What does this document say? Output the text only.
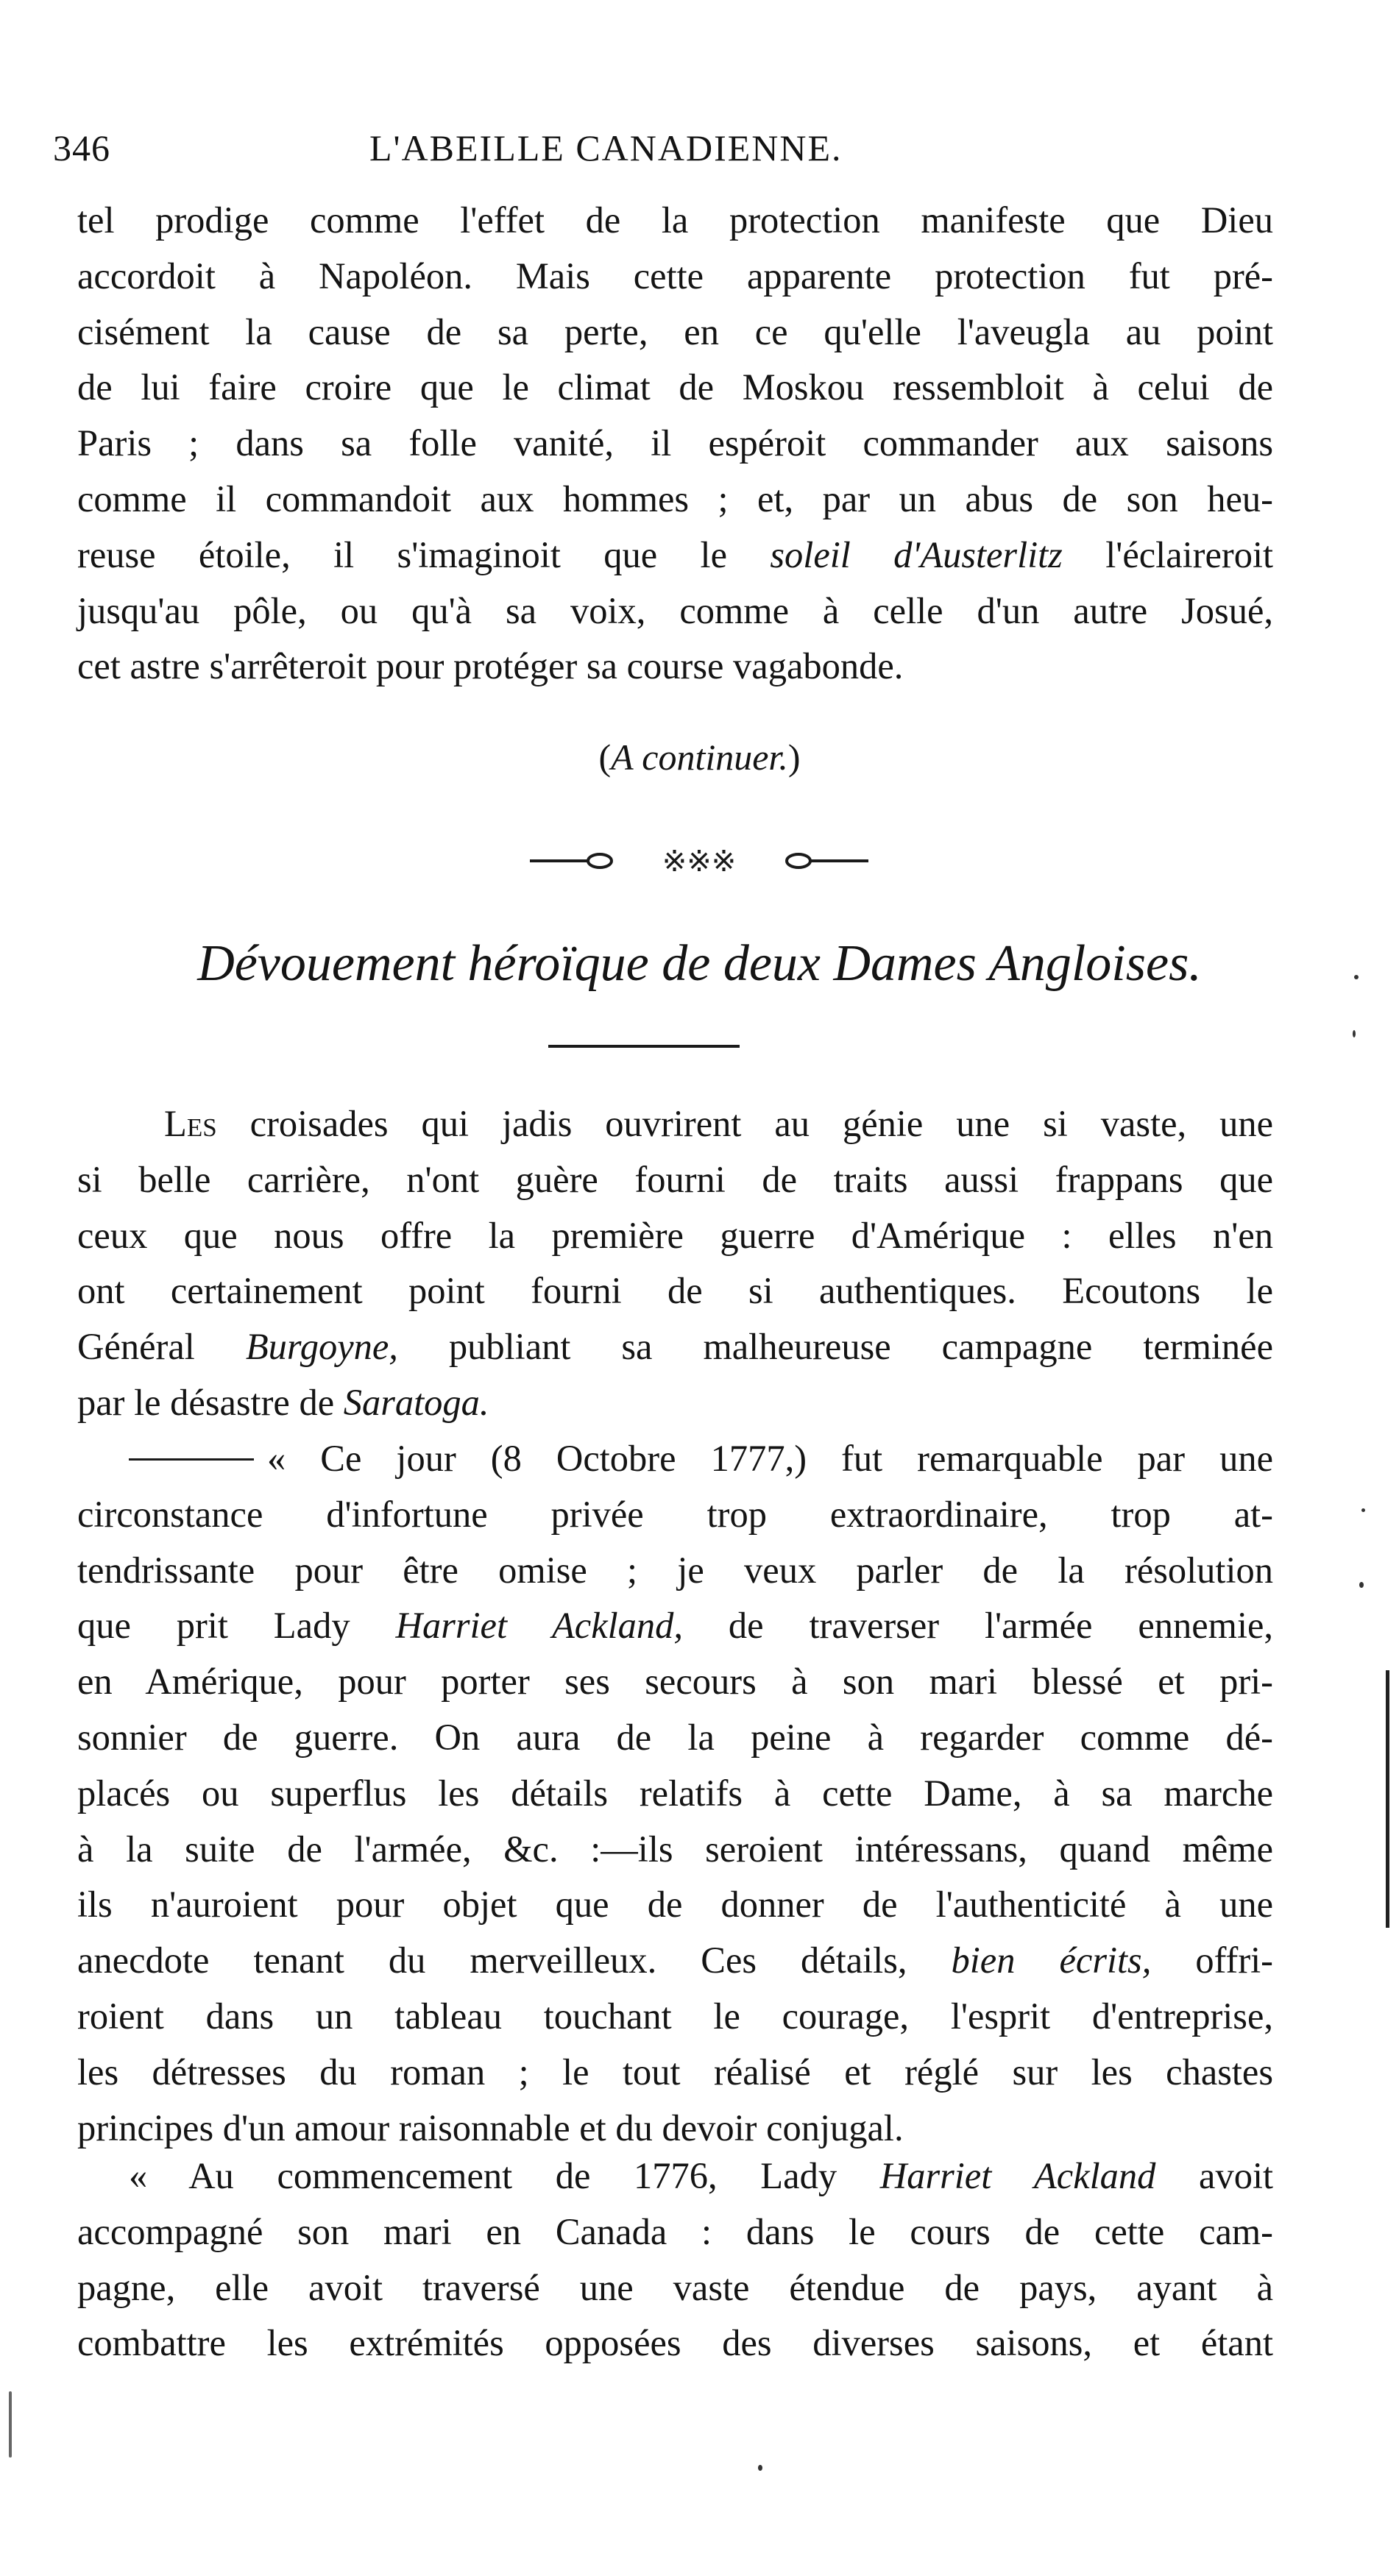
346	L'ABEILLE CANADIENNE.
tel prodige comme l'effet de la protection manifeste que Dieu
accordoit à Napoléon. Mais cette apparente protection fut pré-
cisément la cause de sa perte, en ce qu'elle l'aveugla au point
de lui faire croire que le climat de Moskou ressembloit à celui de
Paris ; dans sa folle vanité, il espéroit commander aux saisons
comme il commandoit aux hommes ; et, par un abus de son heu-
reuse étoile, il s'imaginoit que le soleil d'Austerlitz l'éclaireroit
jusqu'au pôle, ou qu'à sa voix, comme à celle d'un autre Josué,
cet astre s'arrêteroit pour protéger sa course vagabonde.
(A continuer.)
※※※
Dévouement héroïque de deux Dames Angloises.
Les croisades qui jadis ouvrirent au génie une si vaste, une
si belle carrière, n'ont guère fourni de traits aussi frappans que
ceux que nous offre la première guerre d'Amérique : elles n'en
ont certainement point fourni de si authentiques. Ecoutons le
Général Burgoyne, publiant sa malheureuse campagne terminée
par le désastre de Saratoga.
« Ce jour (8 Octobre 1777,) fut remarquable par une
circonstance d'infortune privée trop extraordinaire, trop at-
tendrissante pour être omise ; je veux parler de la résolution
que prit Lady Harriet Ackland, de traverser l'armée ennemie,
en Amérique, pour porter ses secours à son mari blessé et pri-
sonnier de guerre. On aura de la peine à regarder comme dé-
placés ou superflus les détails relatifs à cette Dame, à sa marche
à la suite de l'armée, &c. :—ils seroient intéressans, quand même
ils n'auroient pour objet que de donner de l'authenticité à une
anecdote tenant du merveilleux. Ces détails, bien écrits, offri-
roient dans un tableau touchant le courage, l'esprit d'entreprise,
les détresses du roman ; le tout réalisé et réglé sur les chastes
principes d'un amour raisonnable et du devoir conjugal.
« Au commencement de 1776, Lady Harriet Ackland avoit
accompagné son mari en Canada : dans le cours de cette cam-
pagne, elle avoit traversé une vaste étendue de pays, ayant à
combattre les extrémités opposées des diverses saisons, et étant
